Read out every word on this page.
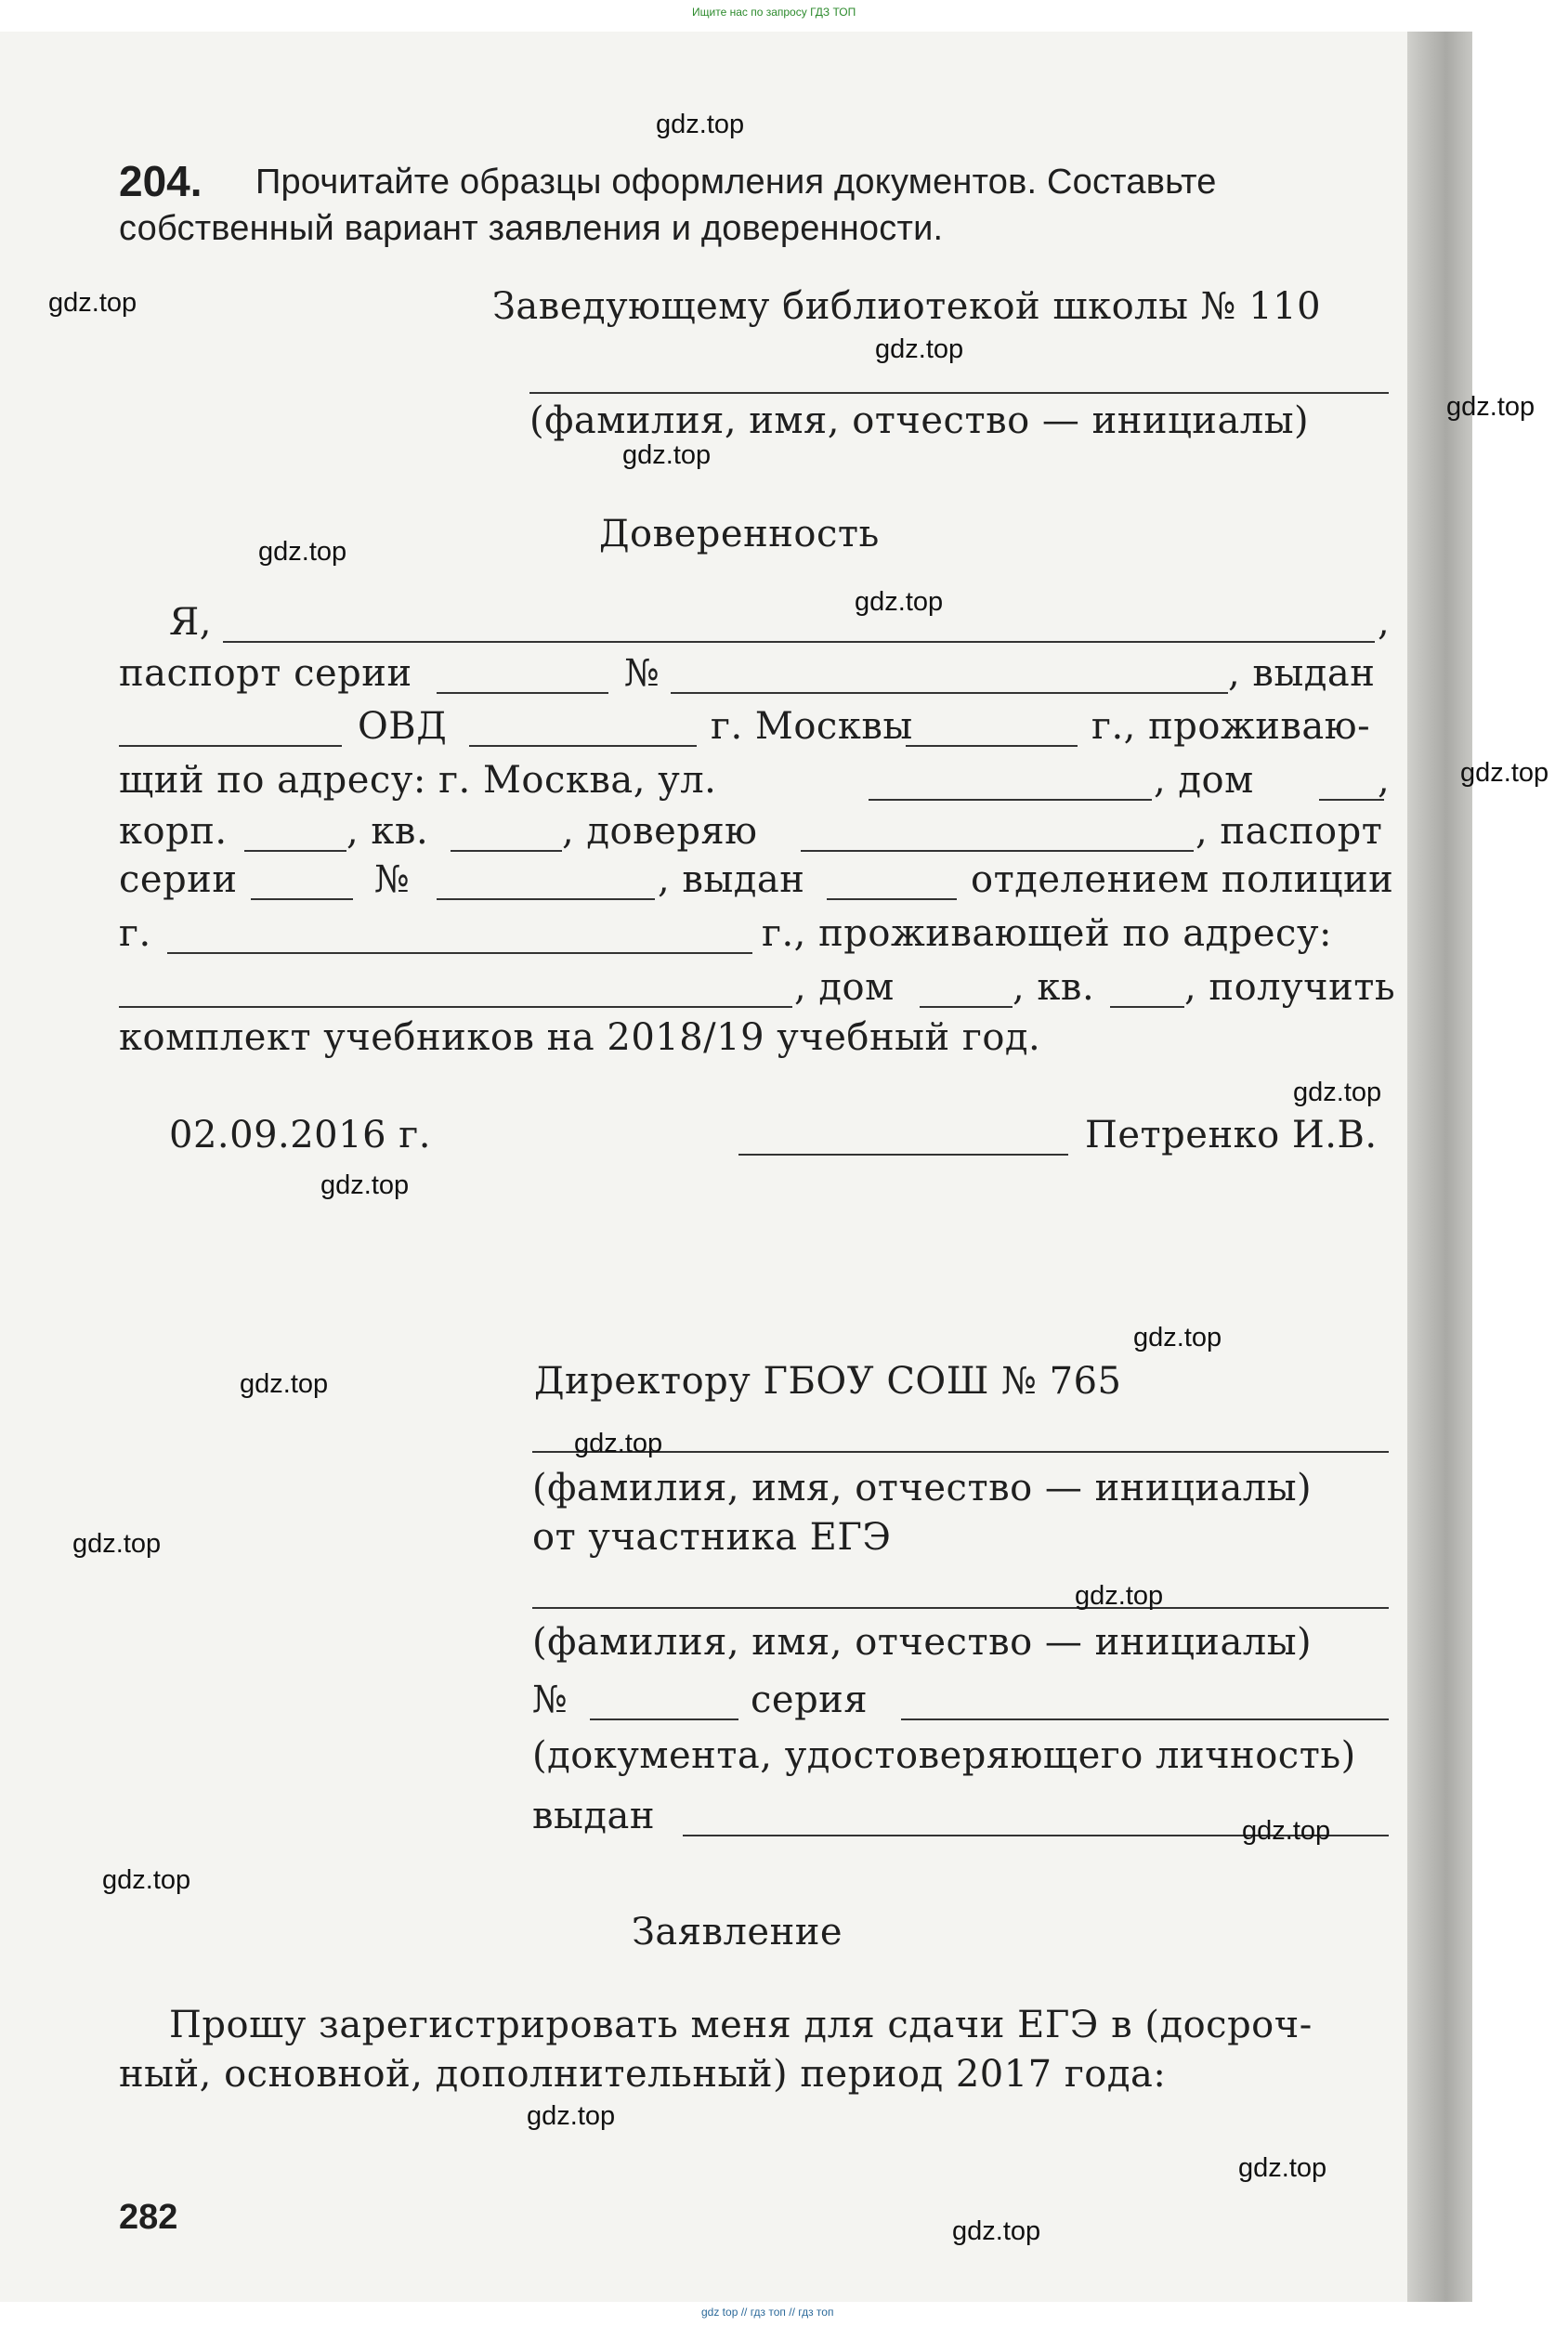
Ищите нас по запросу ГДЗ ТОП
gdz top // гдз топ // гдз топ
204. Прочитайте образцы оформления документов. Составьте
собственный вариант заявления и доверенности.
Заведующему библиотекой школы № 110
(фамилия, имя, отчество — инициалы)
Доверенность
Я,	,
паспорт серии	№	, выдан
ОВД	г. Москвы	г., проживаю-
щий по адресу: г. Москва, ул.	, дом	,
корп.	, кв.	, доверяю	, паспорт
серии	№	, выдан	отделением полиции
г.	г., проживающей по адресу:
, дом	, кв. , получить
комплект учебников на 2018/19 учебный год.
02.09.2016 г.	Петренко И.В.
Директору ГБОУ СОШ № 765
(фамилия, имя, отчество — инициалы)
от участника ЕГЭ
(фамилия, имя, отчество — инициалы)
№	серия
(документа, удостоверяющего личность)
выдан
Заявление
Прошу зарегистрировать меня для сдачи ЕГЭ в (досроч-
ный, основной, дополнительный) период 2017 года:
282
gdz.top
gdz.top
gdz.top
gdz.top
gdz.top
gdz.top
gdz.top
gdz.top
gdz.top
gdz.top
gdz.top
gdz.top
gdz.top
gdz.top
gdz.top
gdz.top
gdz.top
gdz.top
gdz.top
gdz.top
